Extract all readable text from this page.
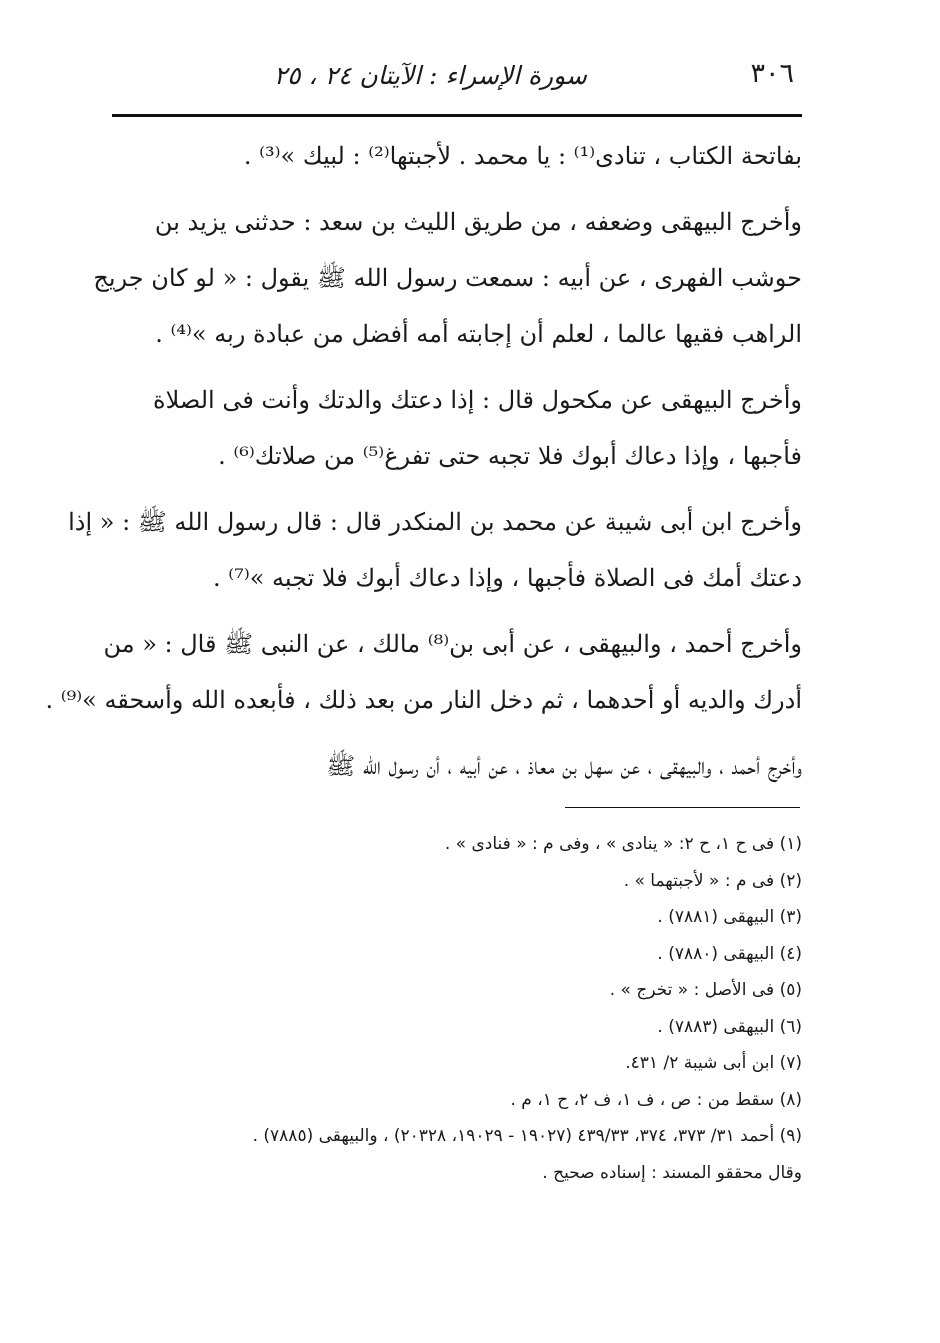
٣٠٦
سورة الإسراء : الآيتان ٢٤ ، ٢٥

بفاتحة الكتاب ، تنادى⁽¹⁾ : يا محمد . لأجبتها⁽²⁾ : لبيك »⁽³⁾ .

وأخرج البيهقى وضعفه ، من طريق الليث بن سعد : حدثنى يزيد بن
حوشب الفهرى ، عن أبيه : سمعت رسول الله ﷺ يقول : « لو كان جريج
الراهب فقيها عالما ، لعلم أن إجابته أمه أفضل من عبادة ربه »⁽⁴⁾ .

وأخرج البيهقى عن مكحول قال : إذا دعتك والدتك وأنت فى الصلاة
فأجبها ، وإذا دعاك أبوك فلا تجبه حتى تفرغ⁽⁵⁾ من صلاتك⁽⁶⁾ .

وأخرج ابن أبى شيبة عن محمد بن المنكدر قال : قال رسول الله ﷺ : « إذا
دعتك أمك فى الصلاة فأجبها ، وإذا دعاك أبوك فلا تجبه »⁽⁷⁾ .

وأخرج أحمد ، والبيهقى ، عن أبى بن⁽⁸⁾ مالك ، عن النبى ﷺ قال : « من
أدرك والديه أو أحدهما ، ثم دخل النار من بعد ذلك ، فأبعده الله وأسحقه »⁽⁹⁾ .

وأخرج أحمد ، والبيهقى ، عن سهل بن معاذ ، عن أبيه ، أن رسول الله ﷺ

(١) فى ح ١، ح ٢: « ينادى » ، وفى م : « فنادى » .
(٢) فى م : « لأجبتهما » .
(٣) البيهقى (٧٨٨١) .
(٤) البيهقى (٧٨٨٠) .
(٥) فى الأصل : « تخرج » .
(٦) البيهقى (٧٨٨٣) .
(٧) ابن أبى شيبة ٢/ ٤٣١.
(٨) سقط من : ص ، ف ١، ف ٢، ح ١، م .
(٩) أحمد ٣١/ ٣٧٣، ٣٧٤، ٤٣٩/٣٣ (١٩٠٢٧ - ١٩٠٢٩، ٢٠٣٢٨) ، والبيهقى (٧٨٨٥) .
وقال محققو المسند : إسناده صحيح .
